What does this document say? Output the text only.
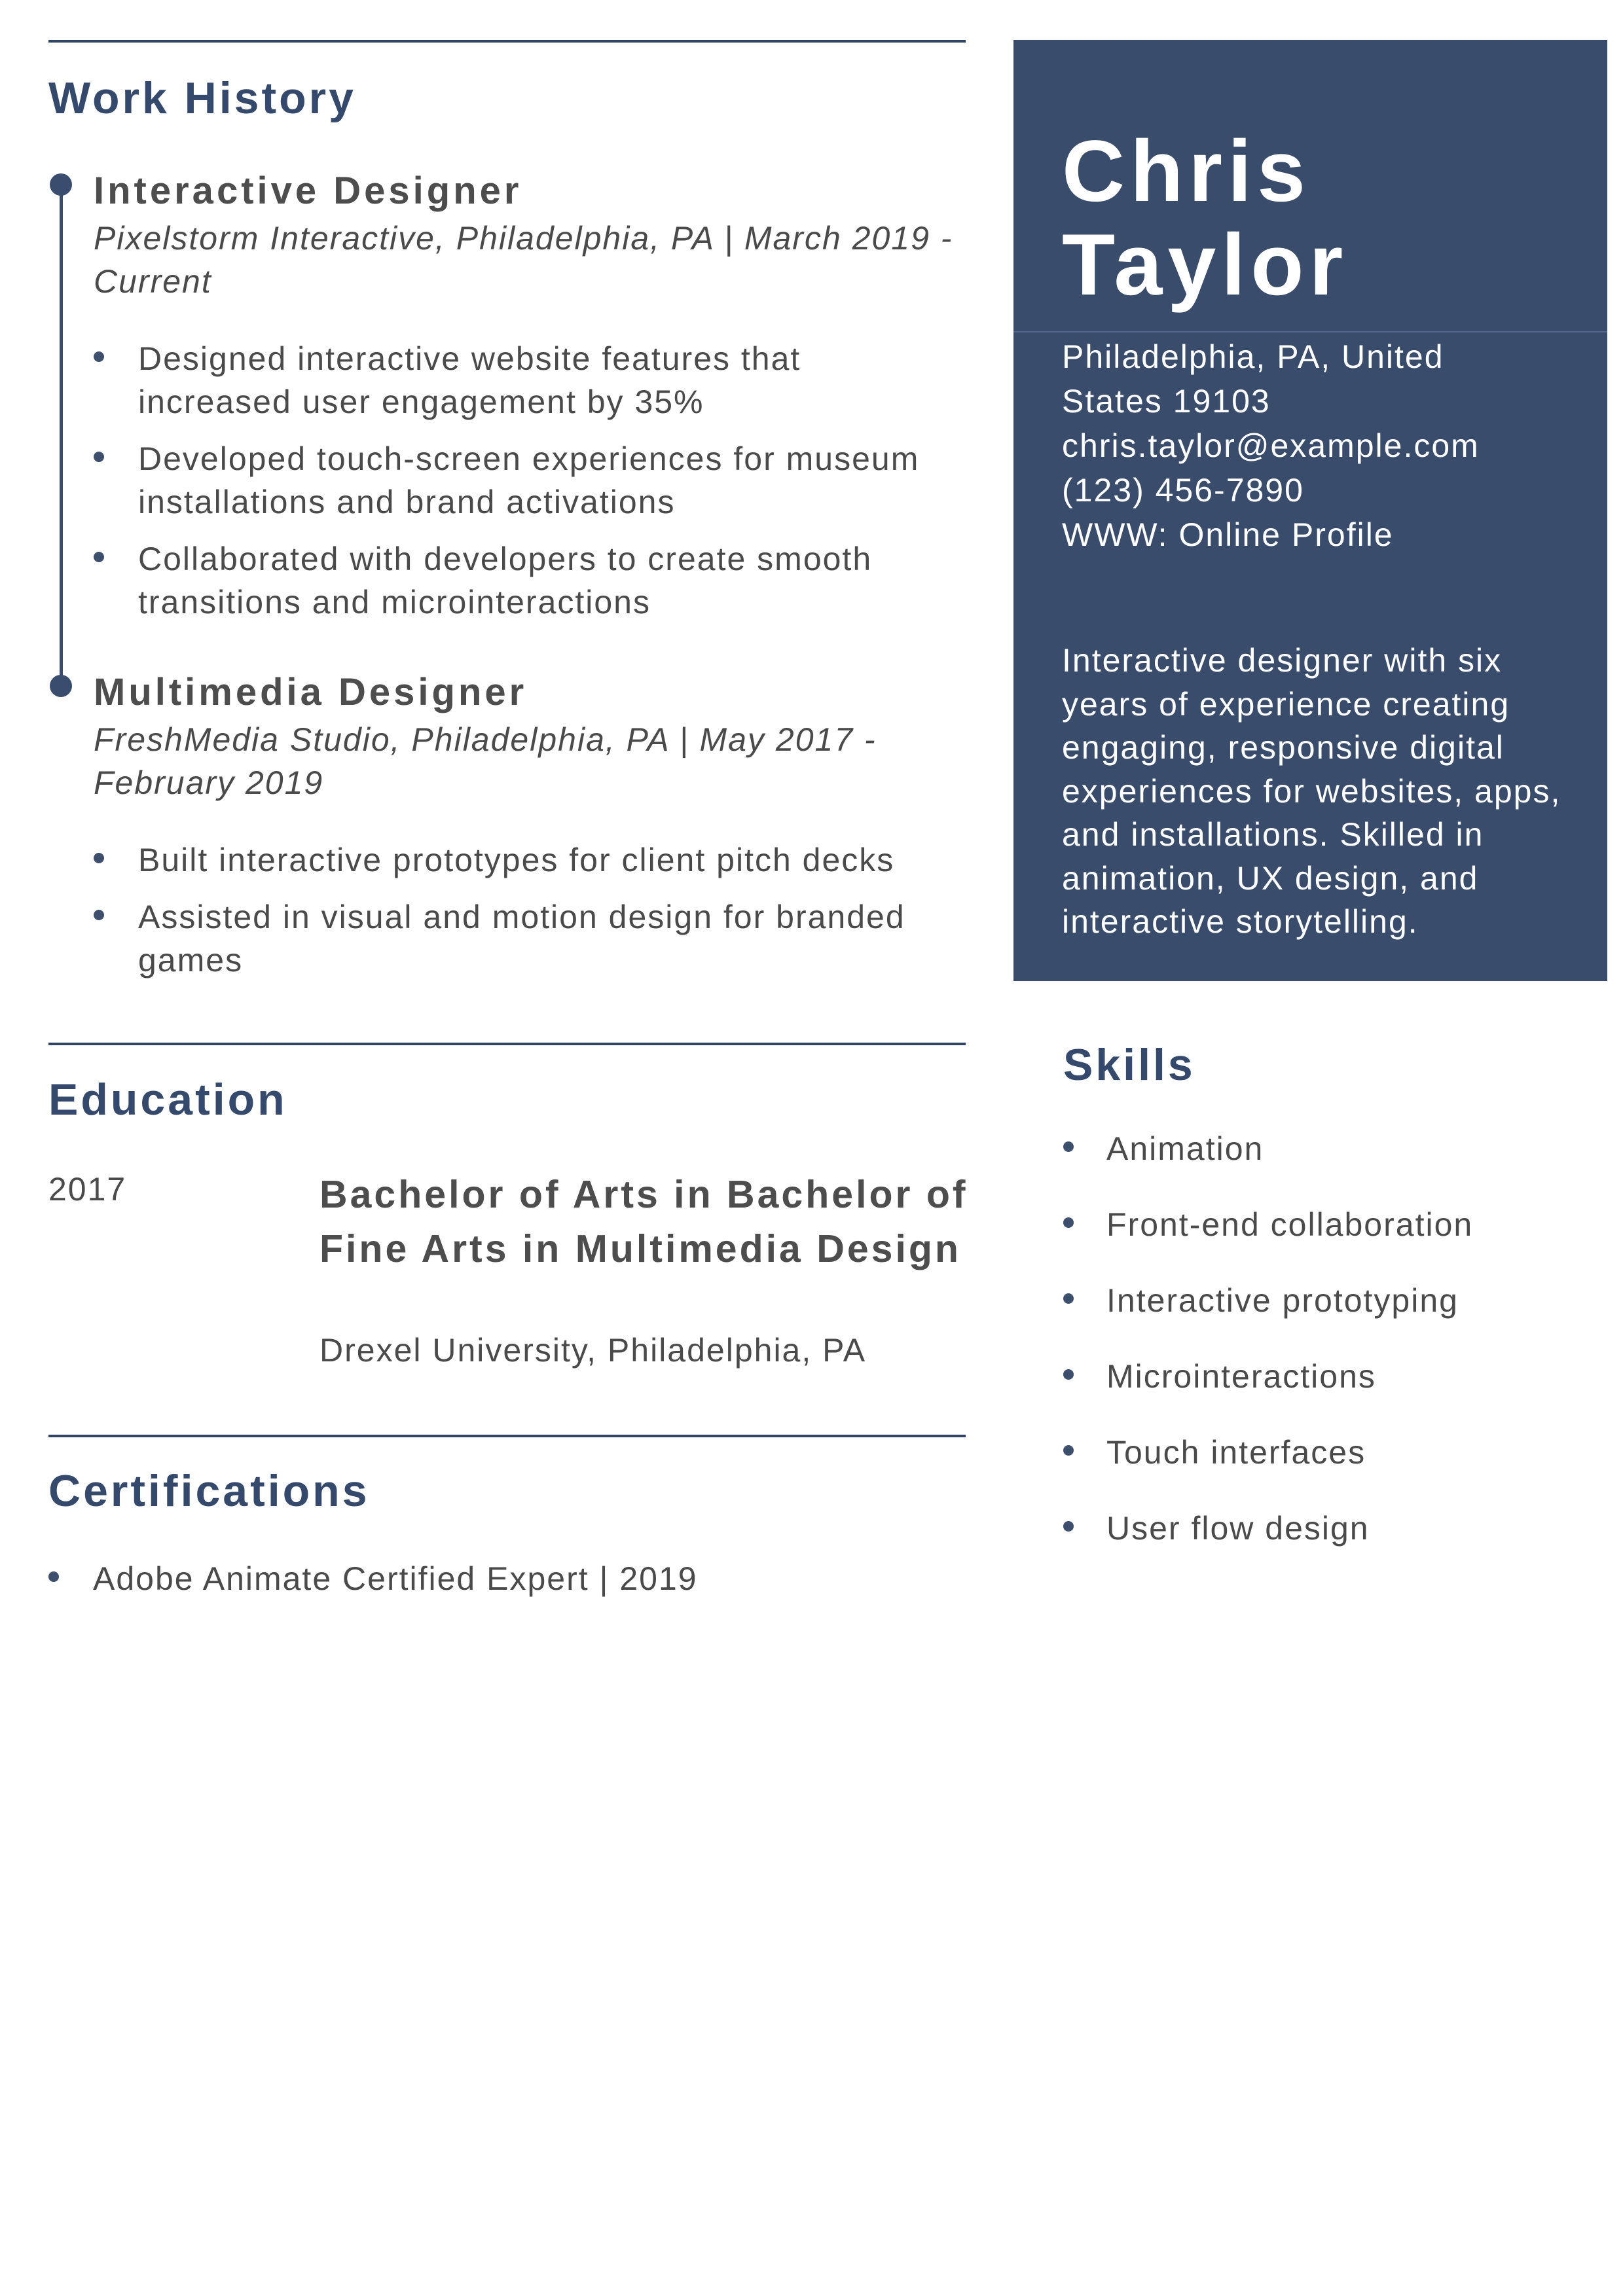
Work History
Interactive Designer
Pixelstorm Interactive, Philadelphia, PA | March 2019 - Current
Designed interactive website features that increased user engagement by 35%
Developed touch-screen experiences for museum installations and brand activations
Collaborated with developers to create smooth transitions and microinteractions
Multimedia Designer
FreshMedia Studio, Philadelphia, PA | May 2017 - February 2019
Built interactive prototypes for client pitch decks
Assisted in visual and motion design for branded games
Education
2017	Bachelor of Arts in Bachelor of Fine Arts in Multimedia Design
Drexel University, Philadelphia, PA
Certifications
Adobe Animate Certified Expert | 2019
Chris
Taylor
Philadelphia, PA, United
States 19103
chris.taylor@example.com
(123) 456-7890
WWW: Online Profile

Interactive designer with six years of experience creating engaging, responsive digital experiences for websites, apps, and installations. Skilled in animation, UX design, and interactive storytelling.

Skills
Animation
Front-end collaboration
Interactive prototyping
Microinteractions
Touch interfaces
User flow design
